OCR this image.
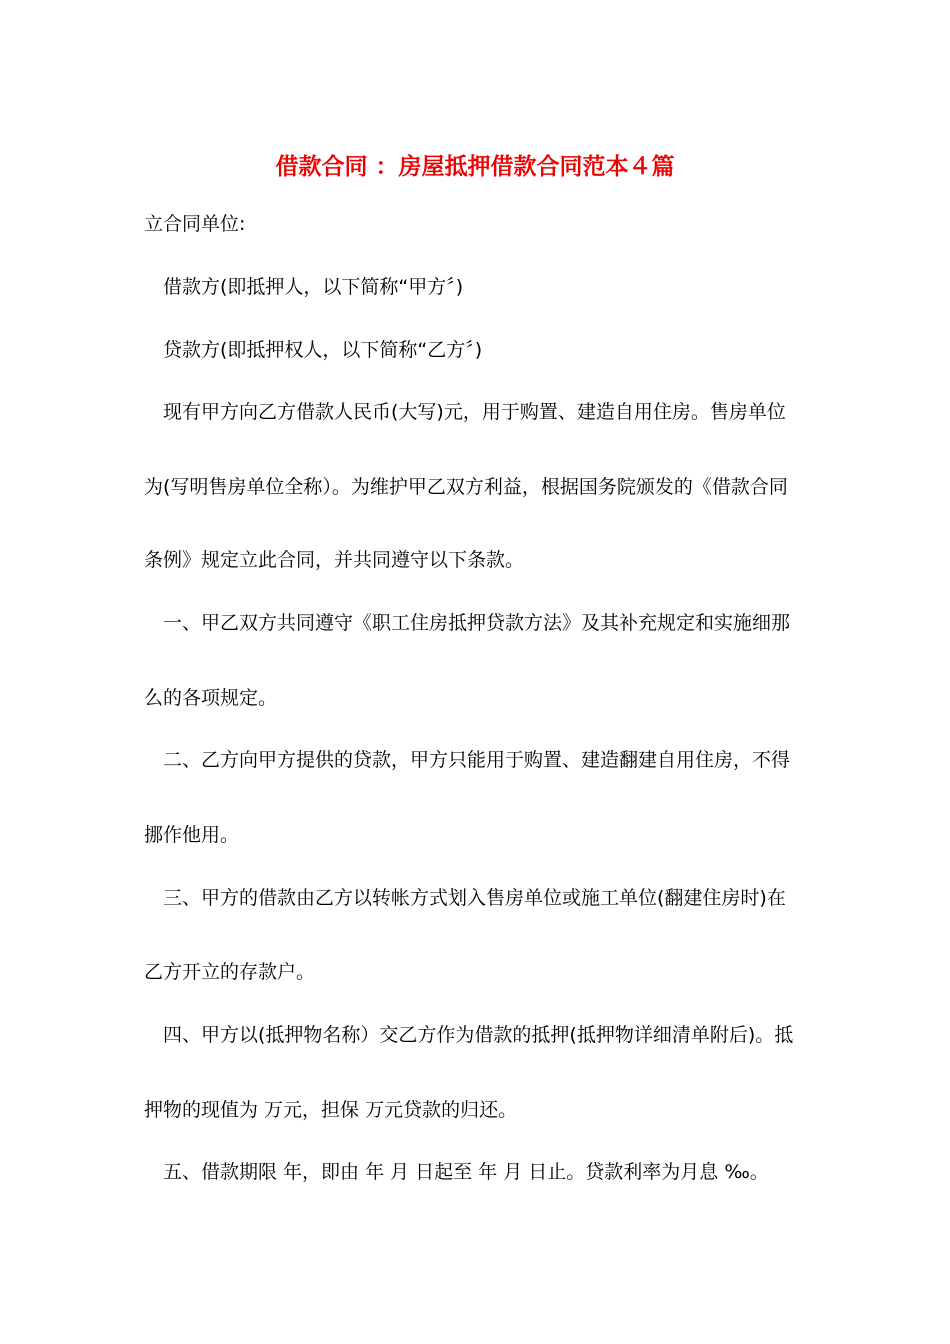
借款合同 ：房屋抵押借款合同范本４篇
立合同单位:
借款方(即抵押人，以下简称“甲方〞)
贷款方(即抵押权人，以下简称“乙方〞)
现有甲方向乙方借款人民币(大写)元，用于购置、建造自用住房。售房单位
为(写明售房单位全称）。为维护甲乙双方利益，根据国务院颁发的《借款合同
条例》规定立此合同，并共同遵守以下条款。
一、甲乙双方共同遵守《职工住房抵押贷款方法》及其补充规定和实施细那
么的各项规定。
二、乙方向甲方提供的贷款，甲方只能用于购置、建造翻建自用住房，不得
挪作他用。
三、甲方的借款由乙方以转帐方式划入售房单位或施工单位(翻建住房时)在
乙方开立的存款户。
四、甲方以(抵押物名称）交乙方作为借款的抵押(抵押物详细清单附后)。抵
押物的现值为 万元，担保 万元贷款的归还。
五、借款期限 年，即由 年 月 日起至 年 月 日止。贷款利率为月息 ‰。
